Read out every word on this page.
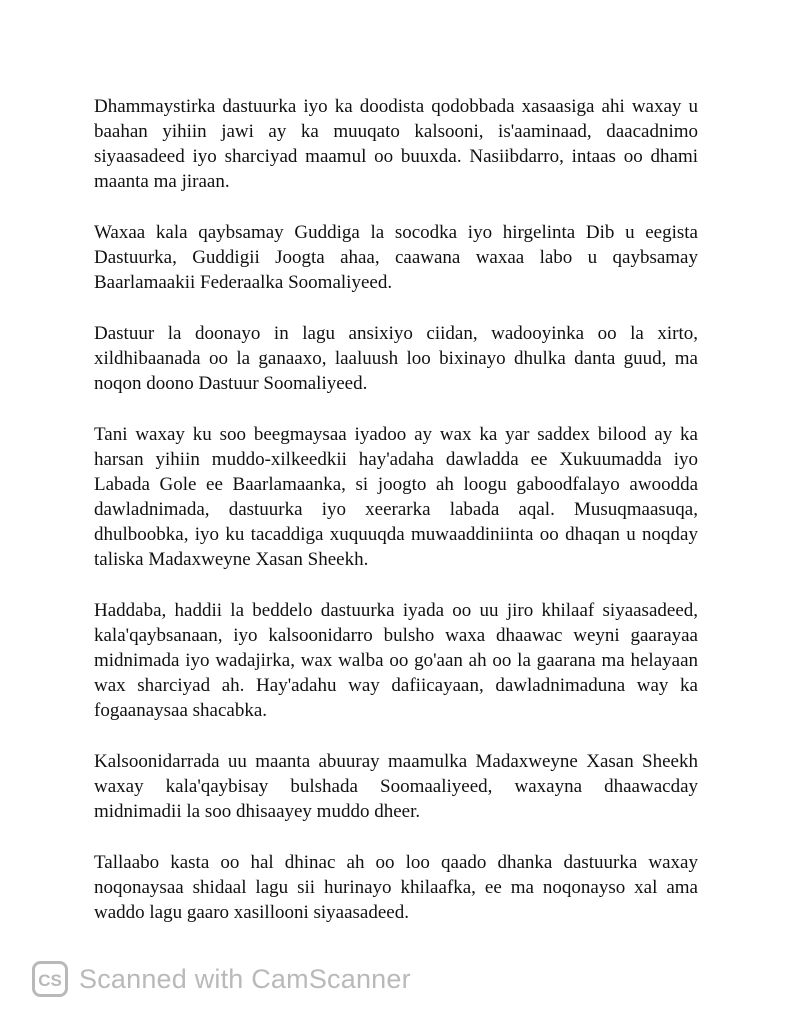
Dhammaystirka dastuurka iyo ka doodista qodobbada xasaasiga ahi waxay u baahan yihiin jawi ay ka muuqato kalsooni, is'aaminaad, daacadnimo siyaasadeed iyo sharciyad maamul oo buuxda. Nasiibdarro, intaas oo dhami maanta ma jiraan.

Waxaa kala qaybsamay Guddiga la socodka iyo hirgelinta Dib u eegista Dastuurka, Guddigii Joogta ahaa, caawana waxaa labo u qaybsamay Baarlamaakii Federaalka Soomaliyeed.

Dastuur la doonayo in lagu ansixiyo ciidan, wadooyinka oo la xirto, xildhibaanada oo la ganaaxo, laaluush loo bixinayo dhulka danta guud, ma noqon doono Dastuur Soomaliyeed.

Tani waxay ku soo beegmaysaa iyadoo ay wax ka yar saddex bilood ay ka harsan yihiin muddo-xilkeedkii hay'adaha dawladda ee Xukuumadda iyo Labada Gole ee Baarlamaanka, si joogto ah loogu gaboodfalayo awoodda dawladnimada, dastuurka iyo xeerarka labada aqal. Musuqmaasuqa, dhulboobka, iyo ku tacaddiga xuquuqda muwaaddiniinta oo dhaqan u noqday taliska Madaxweyne Xasan Sheekh.

Haddaba, haddii la beddelo dastuurka iyada oo uu jiro khilaaf siyaasadeed, kala'qaybsanaan, iyo kalsoonidarro bulsho waxa dhaawac weyni gaarayaa midnimada iyo wadajirka, wax walba oo go'aan ah oo la gaarana ma helayaan wax sharciyad ah. Hay'adahu way dafiicayaan, dawladnimaduna way ka fogaanaysaa shacabka.

Kalsoonidarrada uu maanta abuuray maamulka Madaxweyne Xasan Sheekh waxay kala'qaybisay bulshada Soomaaliyeed, waxayna dhaawacday midnimadii la soo dhisaayey muddo dheer.

Tallaabo kasta oo hal dhinac ah oo loo qaado dhanka dastuurka waxay noqonaysaa shidaal lagu sii hurinayo khilaafka, ee ma noqonayso xal ama waddo lagu gaaro xasillooni siyaasadeed.

CS Scanned with CamScanner
